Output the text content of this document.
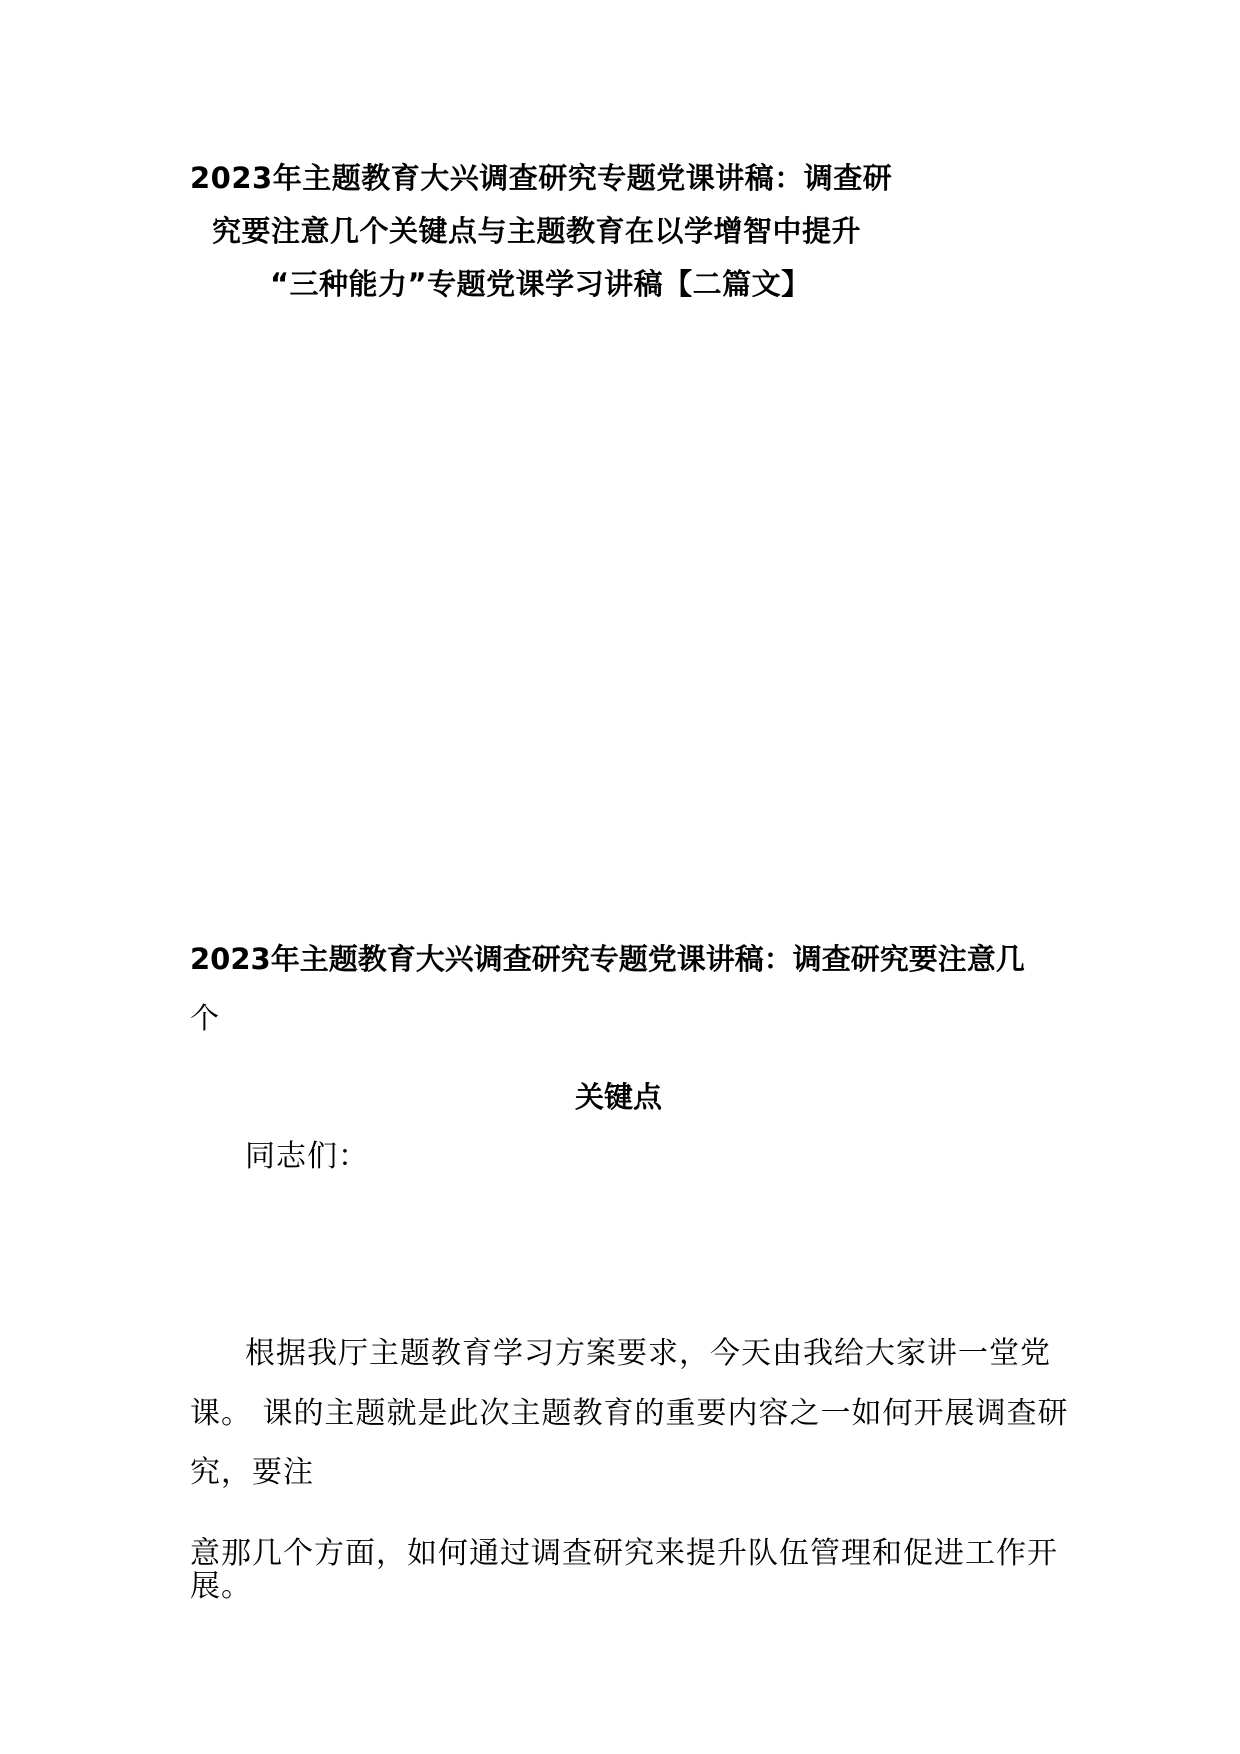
2023年主题教育大兴调查研究专题党课讲稿：调查研

究要注意几个关键点与主题教育在以学增智中提升

“三种能力”专题党课学习讲稿【二篇文】

2023年主题教育大兴调查研究专题党课讲稿：调查研究要注意几

个

关键点

同志们：

根据我厅主题教育学习方案要求，今天由我给大家讲一堂党

课。 课的主题就是此次主题教育的重要内容之一如何开展调查研

究，要注

意那几个方面，如何通过调查研究来提升队伍管理和促进工作开

展。
